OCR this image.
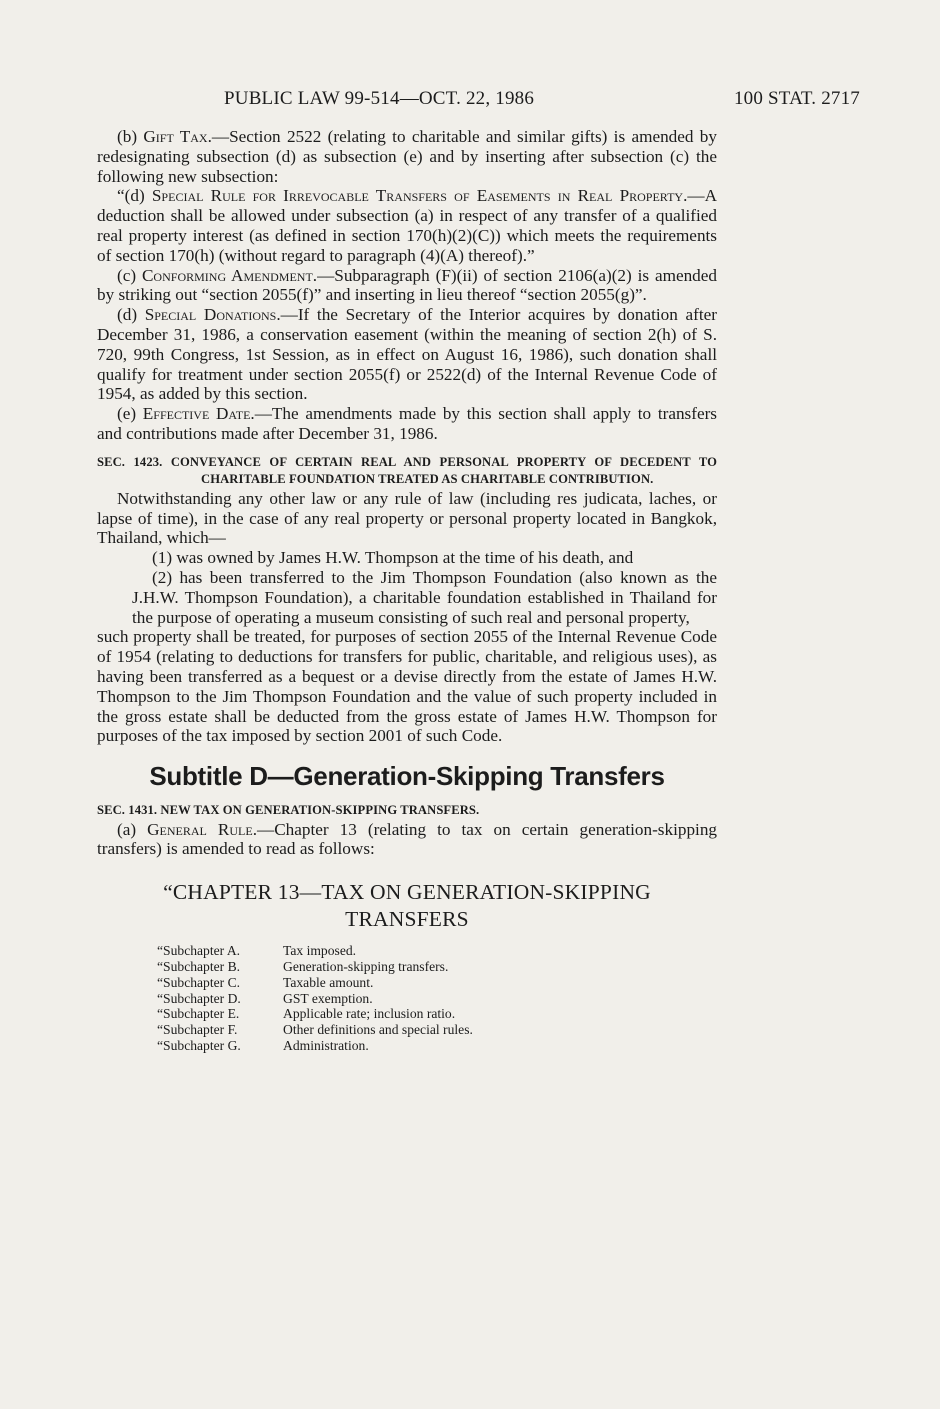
PUBLIC LAW 99-514—OCT. 22, 1986	100 STAT. 2717

(b) Gift Tax.—Section 2522 (relating to charitable and similar gifts) is amended by redesignating subsection (d) as subsection (e) and by inserting after subsection (c) the following new subsection:

“(d) Special Rule for Irrevocable Transfers of Easements in Real Property.—A deduction shall be allowed under subsection (a) in respect of any transfer of a qualified real property interest (as defined in section 170(h)(2)(C)) which meets the requirements of section 170(h) (without regard to paragraph (4)(A) thereof).”

(c) Conforming Amendment.—Subparagraph (F)(ii) of section 2106(a)(2) is amended by striking out “section 2055(f)” and inserting in lieu thereof “section 2055(g)”.

(d) Special Donations.—If the Secretary of the Interior acquires by donation after December 31, 1986, a conservation easement (within the meaning of section 2(h) of S. 720, 99th Congress, 1st Session, as in effect on August 16, 1986), such donation shall qualify for treatment under section 2055(f) or 2522(d) of the Internal Revenue Code of 1954, as added by this section.

(e) Effective Date.—The amendments made by this section shall apply to transfers and contributions made after December 31, 1986.

SEC. 1423. CONVEYANCE OF CERTAIN REAL AND PERSONAL PROPERTY OF DECEDENT TO CHARITABLE FOUNDATION TREATED AS CHARITABLE CONTRIBUTION.

Notwithstanding any other law or any rule of law (including res judicata, laches, or lapse of time), in the case of any real property or personal property located in Bangkok, Thailand, which—

(1) was owned by James H.W. Thompson at the time of his death, and

(2) has been transferred to the Jim Thompson Foundation (also known as the J.H.W. Thompson Foundation), a charitable foundation established in Thailand for the purpose of operating a museum consisting of such real and personal property,

such property shall be treated, for purposes of section 2055 of the Internal Revenue Code of 1954 (relating to deductions for transfers for public, charitable, and religious uses), as having been transferred as a bequest or a devise directly from the estate of James H.W. Thompson to the Jim Thompson Foundation and the value of such property included in the gross estate shall be deducted from the gross estate of James H.W. Thompson for purposes of the tax imposed by section 2001 of such Code.

Subtitle D—Generation-Skipping Transfers
SEC. 1431. NEW TAX ON GENERATION-SKIPPING TRANSFERS.

(a) General Rule.—Chapter 13 (relating to tax on certain generation-skipping transfers) is amended to read as follows:

“CHAPTER 13—TAX ON GENERATION-SKIPPING
TRANSFERS
“Subchapter A.	Tax imposed.
“Subchapter B.	Generation-skipping transfers.
“Subchapter C.	Taxable amount.
“Subchapter D.	GST exemption.
“Subchapter E.	Applicable rate; inclusion ratio.
“Subchapter F.	Other definitions and special rules.
“Subchapter G.	Administration.
